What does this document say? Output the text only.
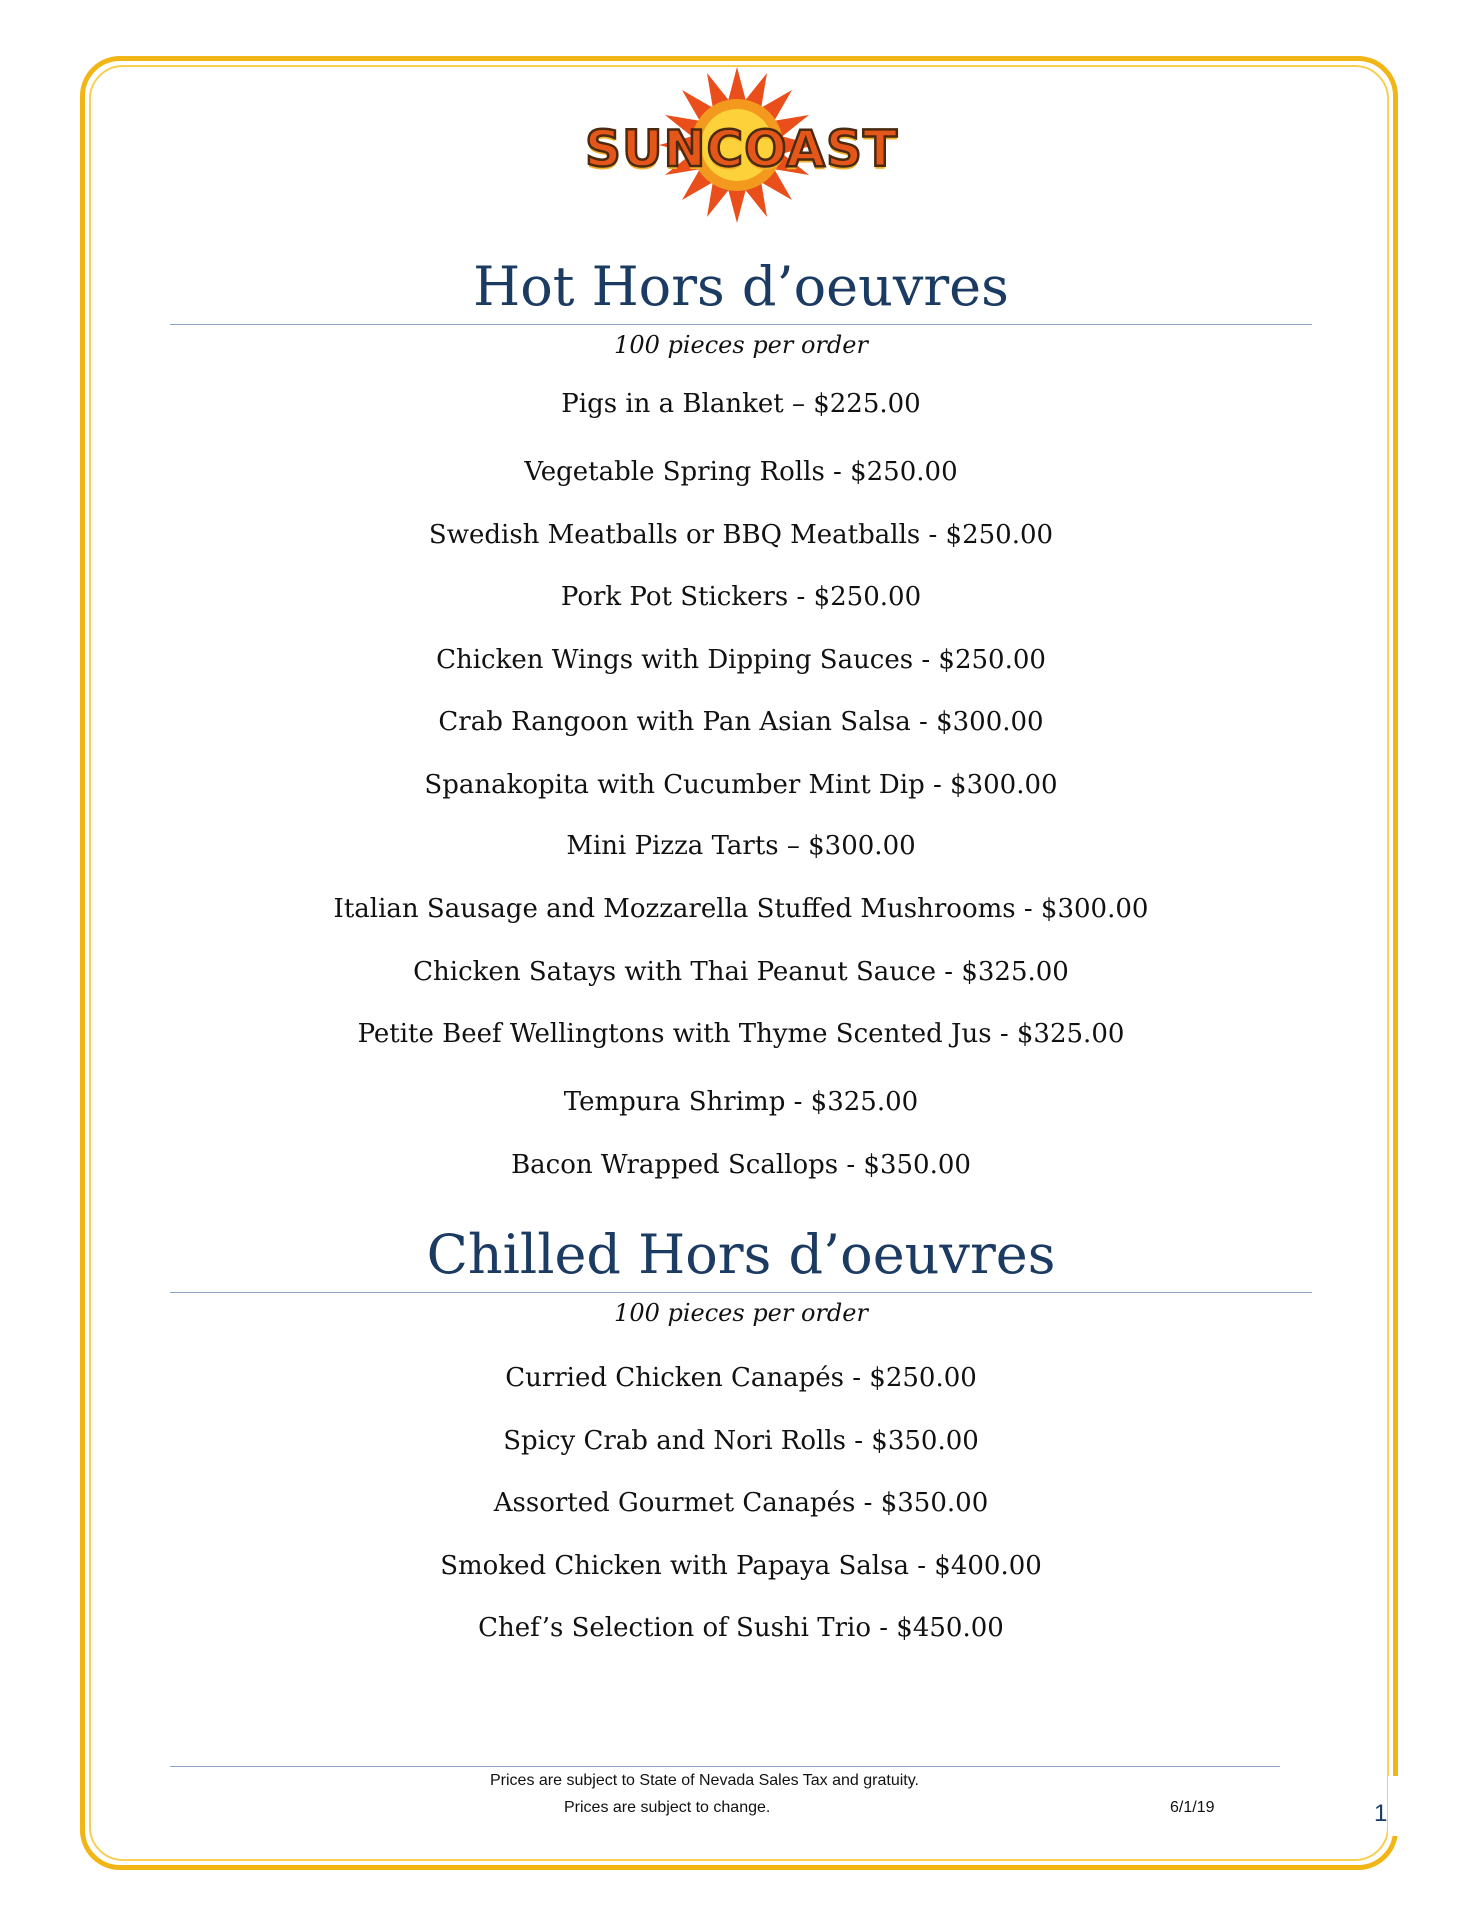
SUNCOAST
Hot Hors d’oeuvres
100 pieces per order
Pigs in a Blanket – $225.00
Vegetable Spring Rolls - $250.00
Swedish Meatballs or BBQ Meatballs - $250.00
Pork Pot Stickers - $250.00
Chicken Wings with Dipping Sauces - $250.00
Crab Rangoon with Pan Asian Salsa - $300.00
Spanakopita with Cucumber Mint Dip - $300.00
Mini Pizza Tarts – $300.00
Italian Sausage and Mozzarella Stuffed Mushrooms - $300.00
Chicken Satays with Thai Peanut Sauce - $325.00
Petite Beef Wellingtons with Thyme Scented Jus - $325.00
Tempura Shrimp - $325.00
Bacon Wrapped Scallops - $350.00
Chilled Hors d’oeuvres
100 pieces per order
Curried Chicken Canapés - $250.00
Spicy Crab and Nori Rolls - $350.00
Assorted Gourmet Canapés - $350.00
Smoked Chicken with Papaya Salsa - $400.00
Chef’s Selection of Sushi Trio - $450.00
Prices are subject to State of Nevada Sales Tax and gratuity.
Prices are subject to change.	6/1/19	1
